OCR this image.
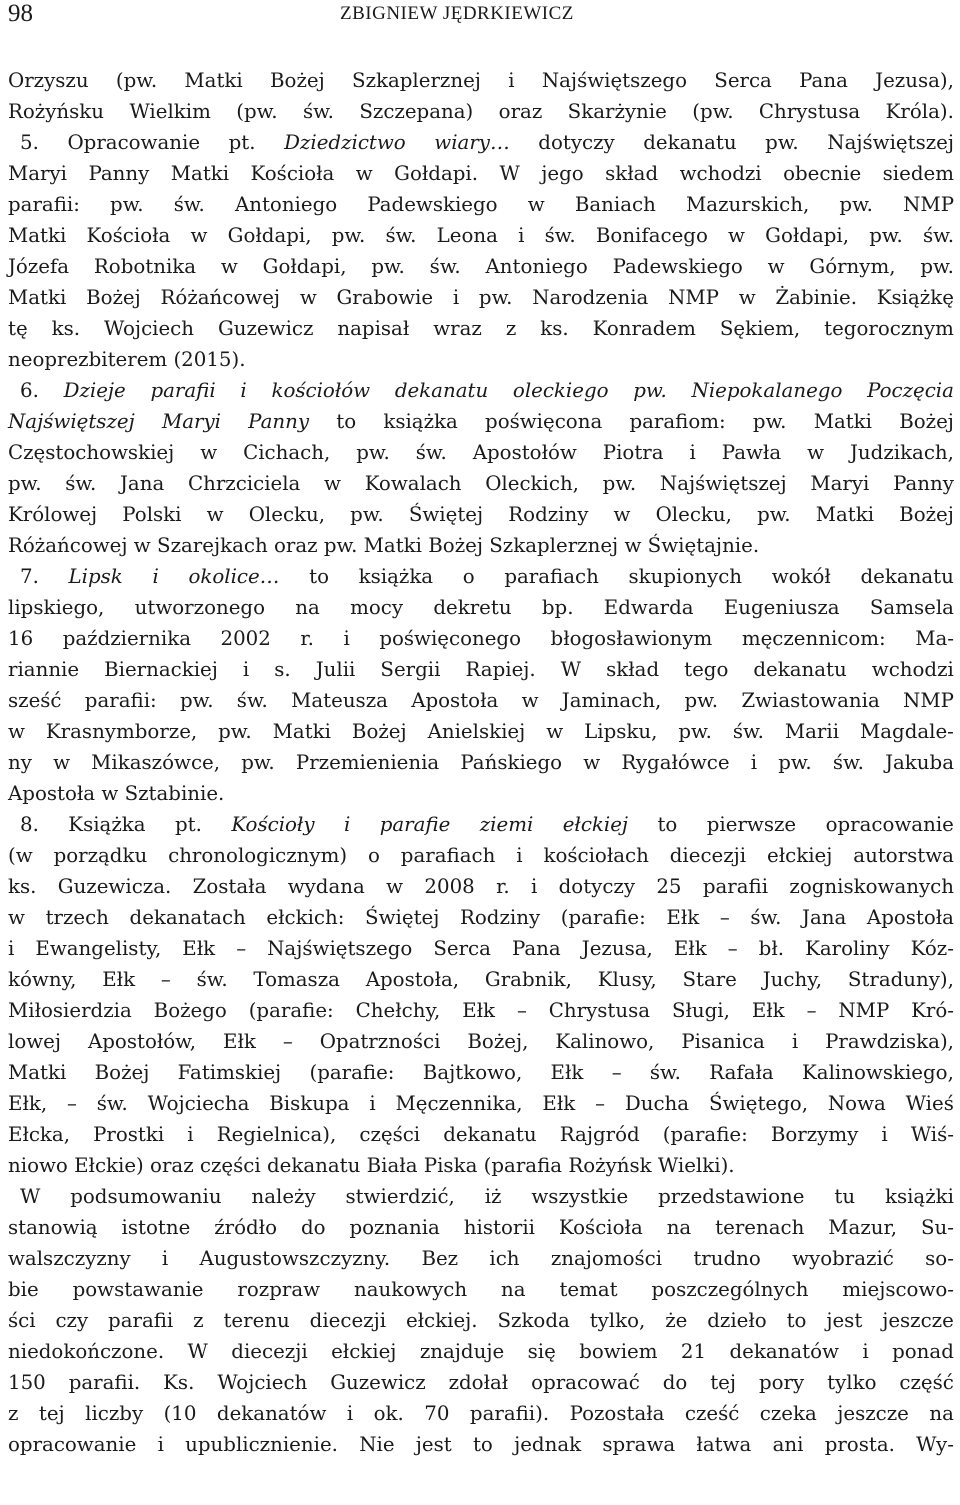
98	ZBIGNIEW JĘDRKIEWICZ
Orzyszu (pw. Matki Bożej Szkaplerznej i Najświętszego Serca Pana Jezusa),
Rożyńsku Wielkim (pw. św. Szczepana) oraz Skarżynie (pw. Chrystusa Króla).
5. Opracowanie pt. Dziedzictwo wiary… dotyczy dekanatu pw. Najświętszej
Maryi Panny Matki Kościoła w Gołdapi. W jego skład wchodzi obecnie siedem
parafii: pw. św. Antoniego Padewskiego w Baniach Mazurskich, pw. NMP
Matki Kościoła w Gołdapi, pw. św. Leona i św. Bonifacego w Gołdapi, pw. św.
Józefa Robotnika w Gołdapi, pw. św. Antoniego Padewskiego w Górnym, pw.
Matki Bożej Różańcowej w Grabowie i pw. Narodzenia NMP w Żabinie. Książkę
tę ks. Wojciech Guzewicz napisał wraz z ks. Konradem Sękiem, tegorocznym
neoprezbiterem (2015).
6. Dzieje parafii i kościołów dekanatu oleckiego pw. Niepokalanego Poczęcia
Najświętszej Maryi Panny to książka poświęcona parafiom: pw. Matki Bożej
Częstochowskiej w Cichach, pw. św. Apostołów Piotra i Pawła w Judzikach,
pw. św. Jana Chrzciciela w Kowalach Oleckich, pw. Najświętszej Maryi Panny
Królowej Polski w Olecku, pw. Świętej Rodziny w Olecku, pw. Matki Bożej
Różańcowej w Szarejkach oraz pw. Matki Bożej Szkaplerznej w Świętajnie.
7. Lipsk i okolice… to książka o parafiach skupionych wokół dekanatu
lipskiego, utworzonego na mocy dekretu bp. Edwarda Eugeniusza Samsela
16 października 2002 r. i poświęconego błogosławionym męczennicom: Ma-
riannie Biernackiej i s. Julii Sergii Rapiej. W skład tego dekanatu wchodzi
sześć parafii: pw. św. Mateusza Apostoła w Jaminach, pw. Zwiastowania NMP
w Krasnymborze, pw. Matki Bożej Anielskiej w Lipsku, pw. św. Marii Magdale-
ny w Mikaszówce, pw. Przemienienia Pańskiego w Rygałówce i pw. św. Jakuba
Apostoła w Sztabinie.
8. Książka pt. Kościoły i parafie ziemi ełckiej to pierwsze opracowanie
(w porządku chronologicznym) o parafiach i kościołach diecezji ełckiej autorstwa
ks. Guzewicza. Została wydana w 2008 r. i dotyczy 25 parafii zogniskowanych
w trzech dekanatach ełckich: Świętej Rodziny (parafie: Ełk – św. Jana Apostoła
i Ewangelisty, Ełk – Najświętszego Serca Pana Jezusa, Ełk – bł. Karoliny Kóz-
kówny, Ełk – św. Tomasza Apostoła, Grabnik, Klusy, Stare Juchy, Straduny),
Miłosierdzia Bożego (parafie: Chełchy, Ełk – Chrystusa Sługi, Ełk – NMP Kró-
lowej Apostołów, Ełk – Opatrzności Bożej, Kalinowo, Pisanica i Prawdziska),
Matki Bożej Fatimskiej (parafie: Bajtkowo, Ełk – św. Rafała Kalinowskiego,
Ełk, – św. Wojciecha Biskupa i Męczennika, Ełk – Ducha Świętego, Nowa Wieś
Ełcka, Prostki i Regielnica), części dekanatu Rajgród (parafie: Borzymy i Wiś-
niowo Ełckie) oraz części dekanatu Biała Piska (parafia Rożyńsk Wielki).
W podsumowaniu należy stwierdzić, iż wszystkie przedstawione tu książki
stanowią istotne źródło do poznania historii Kościoła na terenach Mazur, Su-
walszczyzny i Augustowszczyzny. Bez ich znajomości trudno wyobrazić so-
bie powstawanie rozpraw naukowych na temat poszczególnych miejscowo-
ści czy parafii z terenu diecezji ełckiej. Szkoda tylko, że dzieło to jest jeszcze
niedokończone. W diecezji ełckiej znajduje się bowiem 21 dekanatów i ponad
150 parafii. Ks. Wojciech Guzewicz zdołał opracować do tej pory tylko część
z tej liczby (10 dekanatów i ok. 70 parafii). Pozostała cześć czeka jeszcze na
opracowanie i upublicznienie. Nie jest to jednak sprawa łatwa ani prosta. Wy-
